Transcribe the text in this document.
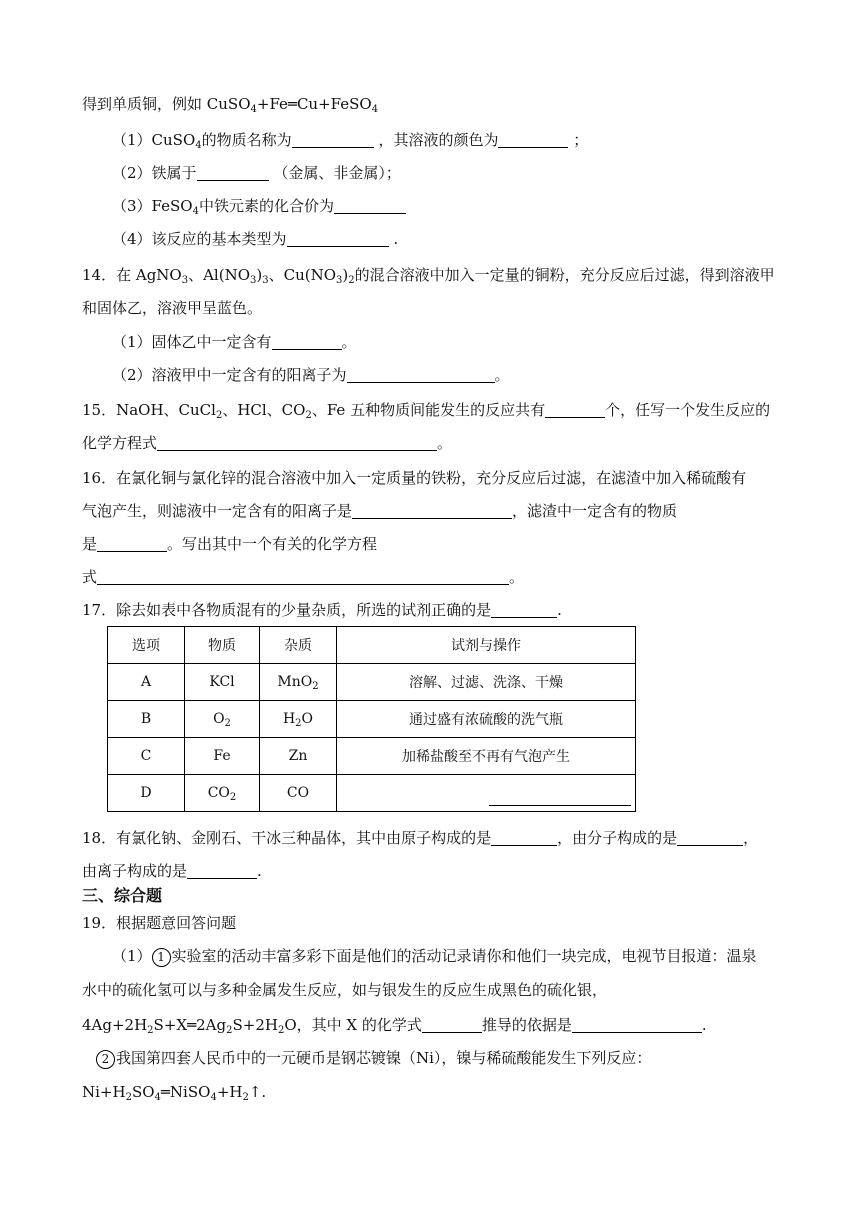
得到单质铜，例如 CuSO$_4$+Fe═Cu+FeSO$_4$
（1）CuSO$_4$的物质名称为	，其溶液的颜色为	；
（2）铁属于	（金属、非金属）；
（3）FeSO$_4$中铁元素的化合价为
（4）该反应的基本类型为	.
14．在 AgNO$_3$、$Al(NO_3)_3$、$Cu(NO_3)_2$的混合溶液中加入一定量的铜粉，充分反应后过滤，得到溶液甲
和固体乙，溶液甲呈蓝色。
（1）固体乙中一定含有	。
（2）溶液甲中一定含有的阳离子为	。
15．NaOH、CuCl$_2$、HCl、$CO_2$、Fe 五种物质间能发生的反应共有	个，任写一个发生反应的
化学方程式	。
16．在氯化铜与氯化锌的混合溶液中加入一定质量的铁粉，充分反应后过滤，在滤渣中加入稀硫酸有
气泡产生，则滤液中一定含有的阳离子是	，滤渣中一定含有的物质
是	。写出其中一个有关的化学方程
式	。
17．除去如表中各物质混有的少量杂质，所选的试剂正确的是	.
选项	物质	杂质	试剂与操作
A	KCl	MnO$_2$	溶解、过滤、洗涤、干燥
B	$O_2$	$H_2O$	通过盛有浓硫酸的洗气瓶
C	Fe	Zn	加稀盐酸至不再有气泡产生
D	$CO_2$	CO	
18．有氯化钠、金刚石、干冰三种晶体，其中由原子构成的是	，由分子构成的是	，
由离子构成的是	.
三、综合题
19．根据题意回答问题
（1） 1 实验室的活动丰富多彩下面是他们的活动记录请你和他们一块完成，电视节目报道：温泉
水中的硫化氢可以与多种金属发生反应，如与银发生的反应生成黑色的硫化银，
$4Ag+2H_2S+X═2Ag_2S+2H_2O$，其中 X 的化学式	推导的依据是	.
2 我国第四套人民币中的一元硬币是钢芯镀镍（Ni），镍与稀硫酸能发生下列反应：
$Ni+H_2SO_4═NiSO_4+H_2↑$.
